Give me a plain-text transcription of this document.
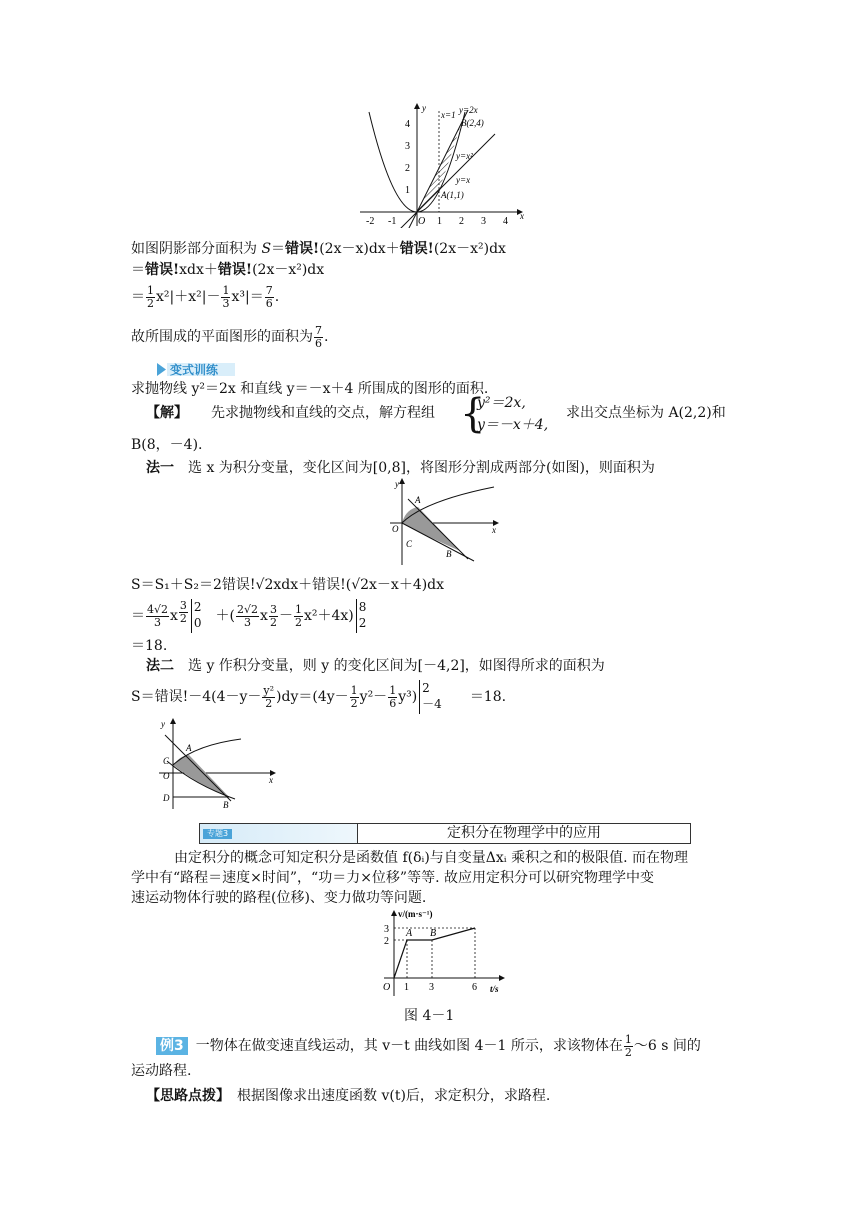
-2 -1 O 1 2 3 4
1
2
3
4
x
y
x=1 y=2x
B(2,4)
y=x²
y=x
A(1,1)
如图阴影部分面积为 S＝错误!(2x－x)dx＋错误!(2x－x²)dx
＝错误!xdx＋错误!(2x－x²)dx
＝ $\frac{1}{2} x^2|+x^2|- \frac{1}{3} x^3|= \frac{7}{6}$ .
故所围成的平面图形的面积为 $\frac{7}{6}$ .
变式训练
求抛物线 y²＝2x 和直线 y＝－x＋4 所围成的图形的面积.
【解】 先求抛物线和直线的交点，解方程组 {
y²＝2x,
y＝－x＋4,
求出交点坐标为 A(2,2)和
B(8，－4).
法一　 选 x 为积分变量，变化区间为[0,8]，将图形分割成两部分(如图)，则面积为
y
x
A
O
C
B
S＝S₁＋S₂＝2错误!√2xdx＋错误!(√2x－x＋4)dx
＝ $\frac{4√2}{3}$ x $\frac{3}{2} 2$
0 　＋( $\frac{2√2}{3}$ x $\frac{3}{2} - \frac{1}{2} x^2+4x$)
8
2
＝18.
法二　 选 y 作积分变量，则 y 的变化区间为[－4,2]，如图得所求的面积为
S＝错误$!-4(4-y- \frac{\text{y²}}{2} )dy=(4y- \frac{1}{2} y^2- \frac{1}{6} y^3)$
2
－4
　　 ＝18.
y
x
C
A
O
D
B
专题3	定积分在物理学中的应用
由定积分的概念可知定积分是函数值 f(δᵢ)与自变量Δxᵢ 乘积之和的极限值. 而在物理
学中有“路程＝速度×时间”，“功＝力×位移”等等. 故应用定积分可以研究物理学中变
速运动物体行驶的路程(位移)、变力做功等问题.
v/(m·s⁻¹)
t/s
3
2
O 1 3	6
A B
图 4－1
例3 一物体在做变速直线运动，其 v－t 曲线如图 4－1 所示，求该物体在 $\frac{1}{2}$ ～6 s 间的
运动路程.
【思路点拨】　 根据图像求出速度函数 v(t)后，求定积分，求路程.
